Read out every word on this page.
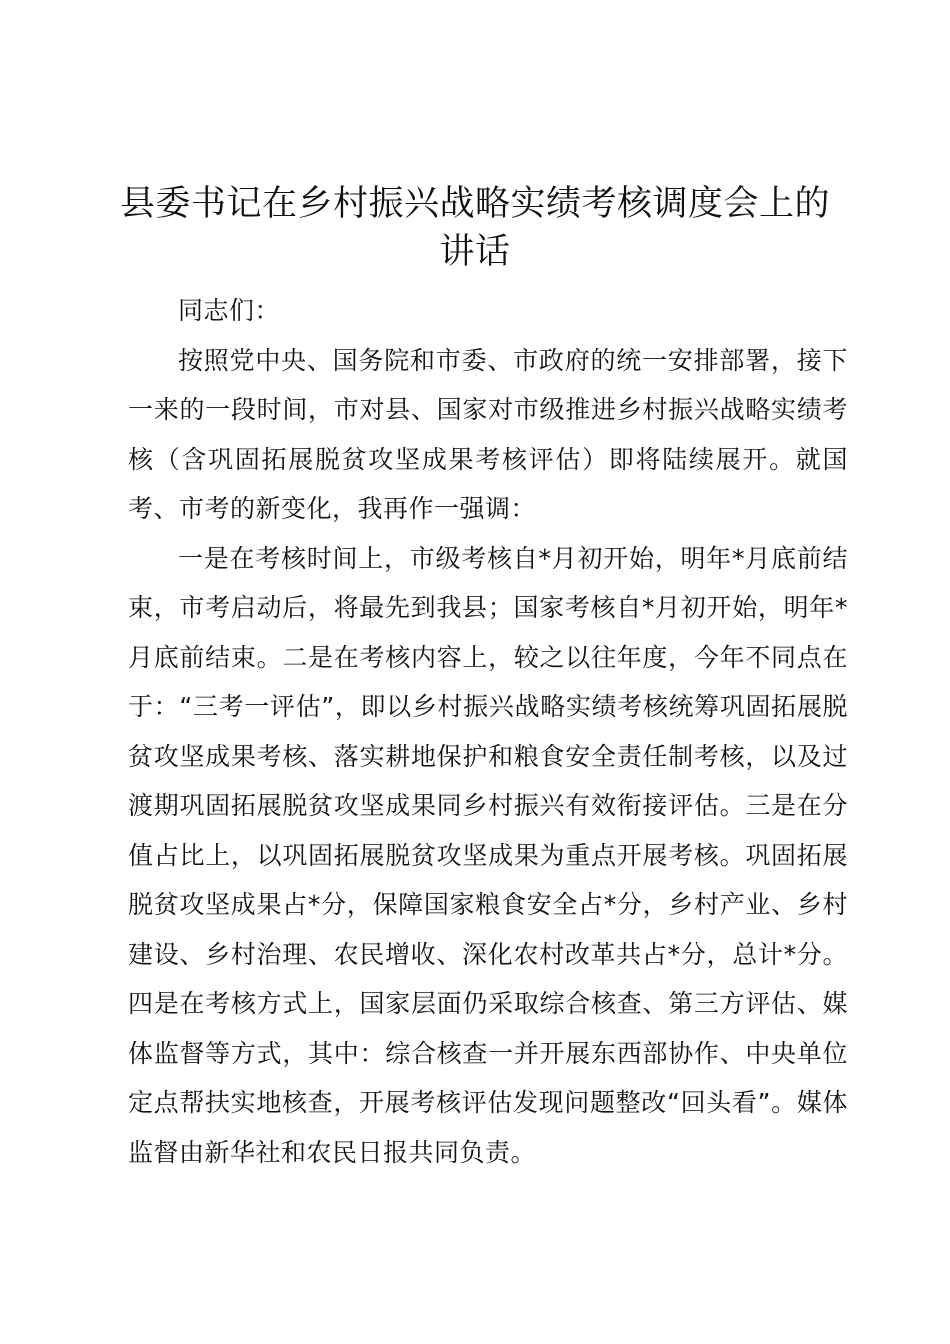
县委书记在乡村振兴战略实绩考核调度会上的讲话

同志们：

按照党中央、国务院和市委、市政府的统一安排部署，接下一来的一段时间，市对县、国家对市级推进乡村振兴战略实绩考核（含巩固拓展脱贫攻坚成果考核评估）即将陆续展开。就国考、市考的新变化，我再作一强调：

一是在考核时间上，市级考核自*月初开始，明年*月底前结束，市考启动后，将最先到我县；国家考核自*月初开始，明年*月底前结束。二是在考核内容上，较之以往年度，今年不同点在于：“三考一评估”，即以乡村振兴战略实绩考核统筹巩固拓展脱贫攻坚成果考核、落实耕地保护和粮食安全责任制考核，以及过渡期巩固拓展脱贫攻坚成果同乡村振兴有效衔接评估。三是在分值占比上，以巩固拓展脱贫攻坚成果为重点开展考核。巩固拓展脱贫攻坚成果占*分，保障国家粮食安全占*分，乡村产业、乡村建设、乡村治理、农民增收、深化农村改革共占*分，总计*分。四是在考核方式上，国家层面仍采取综合核查、第三方评估、媒体监督等方式，其中：综合核查一并开展东西部协作、中央单位定点帮扶实地核查，开展考核评估发现问题整改“回头看”。媒体监督由新华社和农民日报共同负责。
